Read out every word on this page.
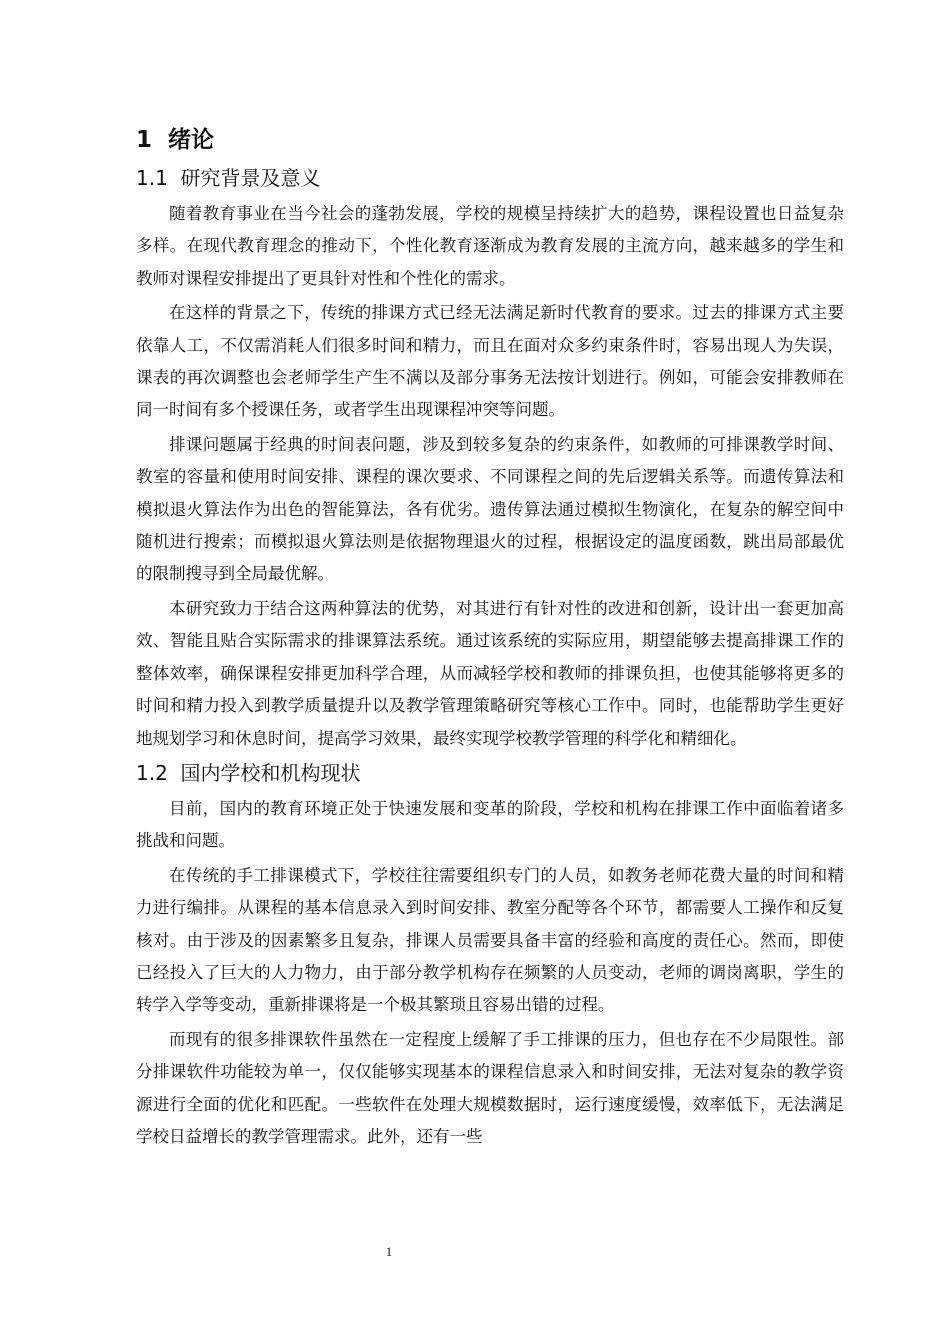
1 绪论
1.1 研究背景及意义

随着教育事业在当今社会的蓬勃发展，学校的规模呈持续扩大的趋势，课程设置也日益复杂多样。在现代教育理念的推动下，个性化教育逐渐成为教育发展的主流方向，越来越多的学生和教师对课程安排提出了更具针对性和个性化的需求。

在这样的背景之下，传统的排课方式已经无法满足新时代教育的要求。过去的排课方式主要依靠人工，不仅需消耗人们很多时间和精力，而且在面对众多约束条件时，容易出现人为失误，课表的再次调整也会老师学生产生不满以及部分事务无法按计划进行。例如，可能会安排教师在同一时间有多个授课任务，或者学生出现课程冲突等问题。

排课问题属于经典的时间表问题，涉及到较多复杂的约束条件，如教师的可排课教学时间、教室的容量和使用时间安排、课程的课次要求、不同课程之间的先后逻辑关系等。而遗传算法和模拟退火算法作为出色的智能算法，各有优劣。遗传算法通过模拟生物演化，在复杂的解空间中随机进行搜索；而模拟退火算法则是依据物理退火的过程，根据设定的温度函数，跳出局部最优的限制搜寻到全局最优解。

本研究致力于结合这两种算法的优势，对其进行有针对性的改进和创新，设计出一套更加高效、智能且贴合实际需求的排课算法系统。通过该系统的实际应用，期望能够去提高排课工作的整体效率，确保课程安排更加科学合理，从而减轻学校和教师的排课负担，也使其能够将更多的时间和精力投入到教学质量提升以及教学管理策略研究等核心工作中。同时，也能帮助学生更好地规划学习和休息时间，提高学习效果，最终实现学校教学管理的科学化和精细化。

1.2 国内学校和机构现状

目前，国内的教育环境正处于快速发展和变革的阶段，学校和机构在排课工作中面临着诸多挑战和问题。

在传统的手工排课模式下，学校往往需要组织专门的人员，如教务老师花费大量的时间和精力进行编排。从课程的基本信息录入到时间安排、教室分配等各个环节，都需要人工操作和反复核对。由于涉及的因素繁多且复杂，排课人员需要具备丰富的经验和高度的责任心。然而，即使已经投入了巨大的人力物力，由于部分教学机构存在频繁的人员变动，老师的调岗离职，学生的转学入学等变动，重新排课将是一个极其繁琐且容易出错的过程。

而现有的很多排课软件虽然在一定程度上缓解了手工排课的压力，但也存在不少局限性。部分排课软件功能较为单一，仅仅能够实现基本的课程信息录入和时间安排，无法对复杂的教学资源进行全面的优化和匹配。一些软件在处理大规模数据时，运行速度缓慢，效率低下，无法满足学校日益增长的教学管理需求。此外，还有一些

1
